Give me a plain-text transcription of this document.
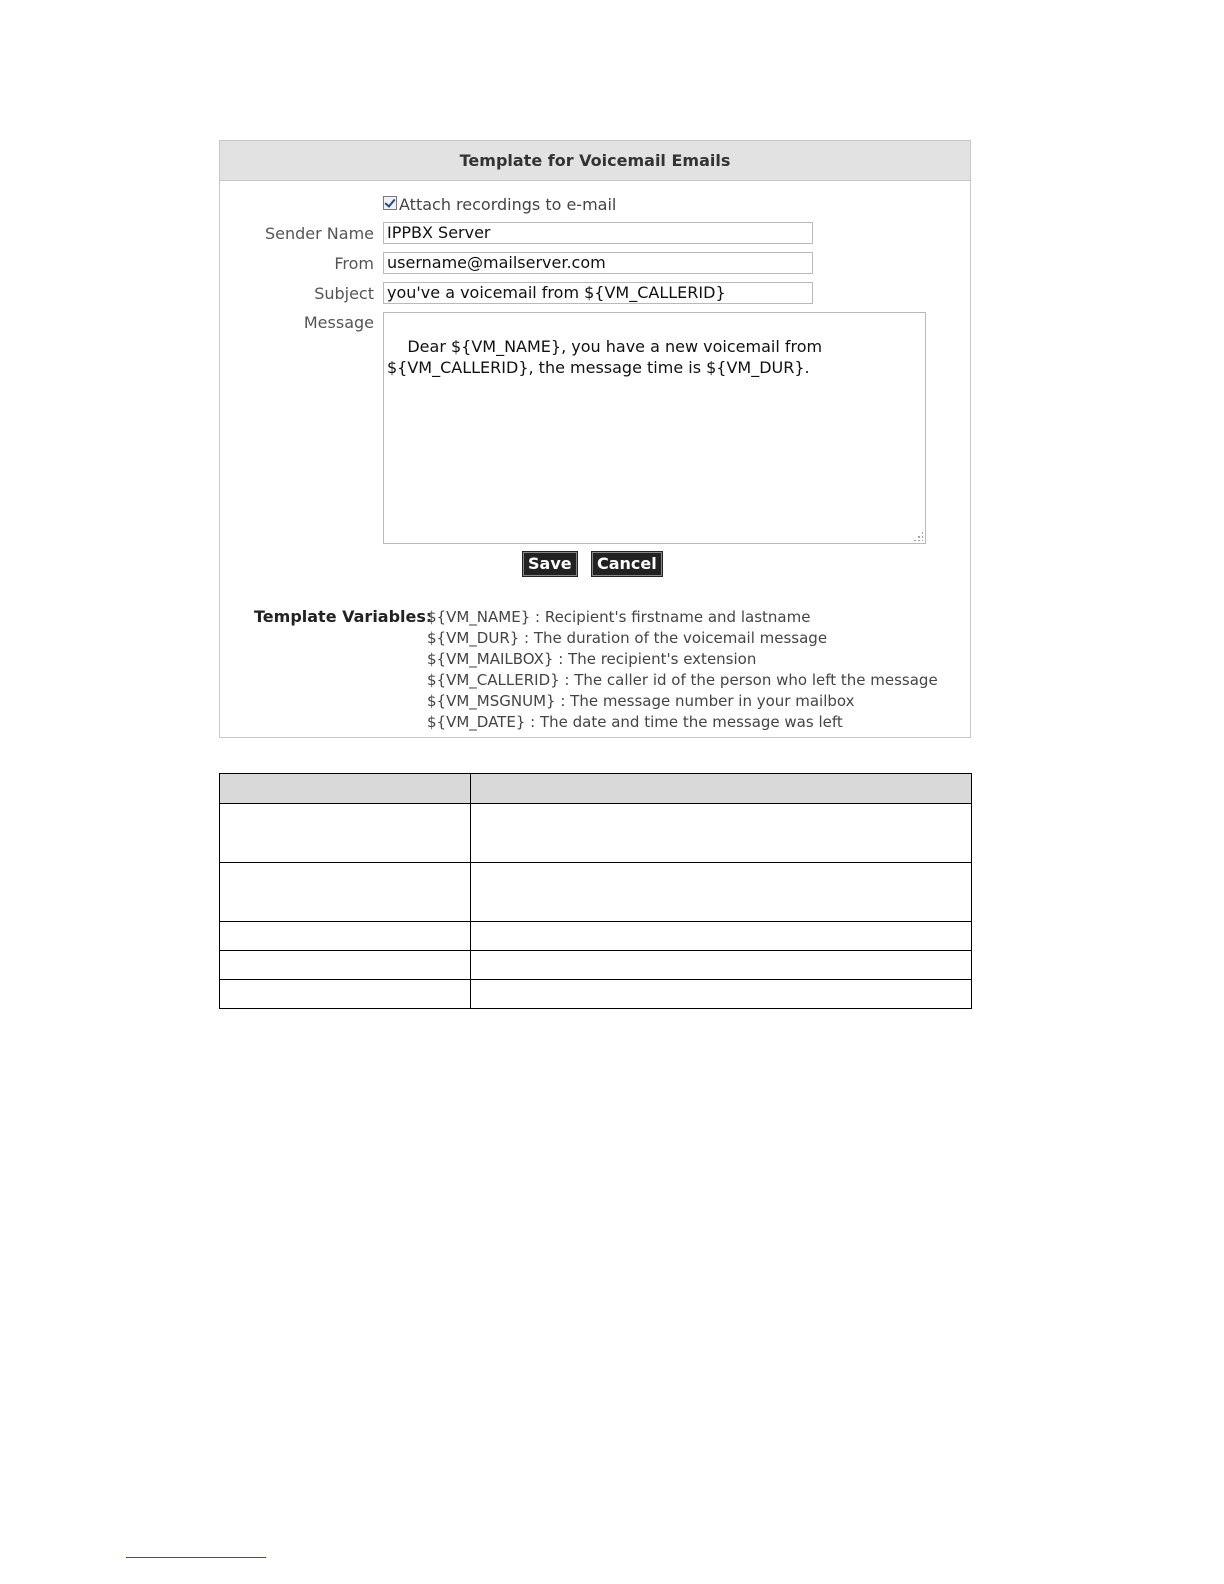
Template for Voicemail Emails
Attach recordings to e-mail
Sender Name IPPBX Server
From username@mailserver.com
Subject you've a voicemail from ${VM_CALLERID}
Message

Dear ${VM_NAME}, you have a new voicemail from
${VM_CALLERID}, the message time is ${VM_DUR}.

Save	Cancel
Template Variables:
${VM_NAME} : Recipient's firstname and lastname
${VM_DUR} : The duration of the voicemail message
${VM_MAILBOX} : The recipient's extension
${VM_CALLERID} : The caller id of the person who left the message
${VM_MSGNUM} : The message number in your mailbox
${VM_DATE} : The date and time the message was left
